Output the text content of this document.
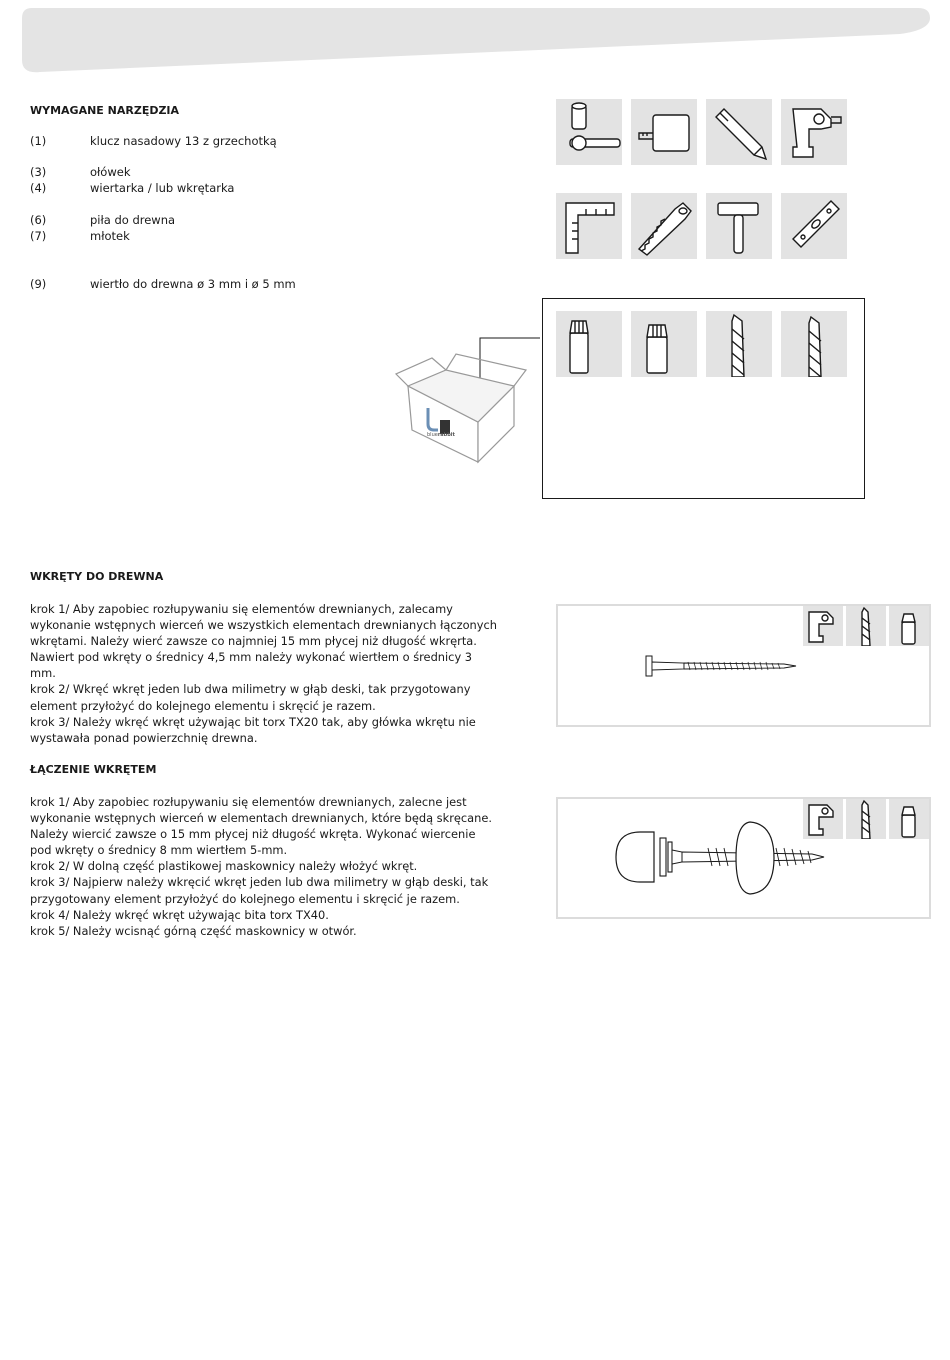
WYMAGANE NARZĘDZIA
(1)	klucz nasadowy 13 z grzechotką
(3)	ołówek
(4)	wiertarka / lub wkrętarka
(6)	piła do drewna
(7)	młotek
(9)	wiertło do drewna ø 3 mm i ø 5 mm
bluerabbit
WKRĘTY DO DREWNA
krok 1/ Aby zapobiec rozłupywaniu się elementów drewnianych, zalecamy
wykonanie wstępnych wierceń we wszystkich elementach drewnianych łączonych
wkrętami. Należy wierć zawsze co najmniej 15 mm płycej niż długość wkręrta.
Nawiert pod wkręty o średnicy 4,5 mm należy wykonać wiertłem o średnicy 3
mm.
krok 2/ Wkręć wkręt jeden lub dwa milimetry w głąb deski, tak przygotowany
element przyłożyć do kolejnego elementu i skręcić je razem.
krok 3/ Należy wkręć wkręt używając bit torx TX20 tak, aby główka wkrętu nie
wystawała ponad powierzchnię drewna.
ŁĄCZENIE WKRĘTEM
krok 1/ Aby zapobiec rozłupywaniu się elementów drewnianych, zalecne jest
wykonanie wstępnych wierceń w elementach drewnianych, które będą skręcane.
Należy wiercić zawsze o 15 mm płycej niż długość wkręta. Wykonać wiercenie
pod wkręty o średnicy 8 mm wiertłem 5-mm.
krok 2/ W dolną część plastikowej maskownicy należy włożyć wkręt.
krok 3/ Najpierw należy wkręcić wkręt jeden lub dwa milimetry w głąb deski, tak
przygotowany element przyłożyć do kolejnego elementu i skręcić je razem.
krok 4/ Należy wkręć wkręt używając bita torx TX40.
krok 5/ Należy wcisnąć górną część maskownicy w otwór.
